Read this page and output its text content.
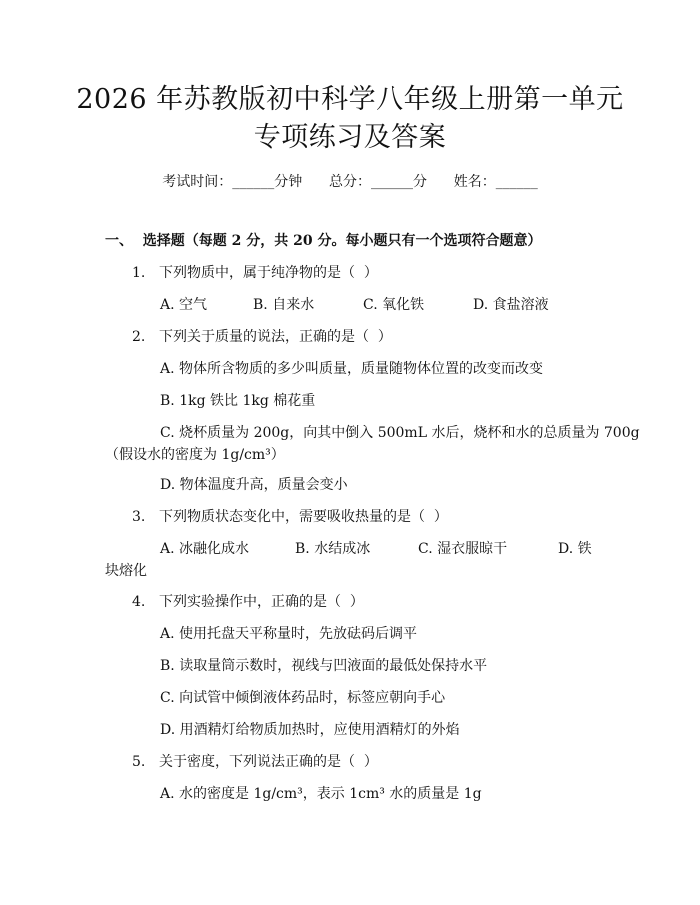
2026 年苏教版初中科学八年级上册第一单元
专项练习及答案
考试时间：______分钟 总分：______分 姓名：______
一、  选择题（每题 2 分，共 20 分。每小题只有一个选项符合题意）
1. 下列物质中，属于纯净物的是（  ）
A. 空气	B. 自来水	C. 氧化铁	D. 食盐溶液
2. 下列关于质量的说法，正确的是（  ）
A. 物体所含物质的多少叫质量，质量随物体位置的改变而改变
B. 1kg 铁比 1kg 棉花重
C. 烧杯质量为 200g，向其中倒入 500mL 水后，烧杯和水的总质量为 700g
（假设水的密度为 1g/cm³）
D. 物体温度升高，质量会变小
3. 下列物质状态变化中，需要吸收热量的是（  ）
A. 冰融化成水	B. 水结成冰	C. 湿衣服晾干	D. 铁
块熔化
4. 下列实验操作中，正确的是（  ）
A. 使用托盘天平称量时，先放砝码后调平
B. 读取量筒示数时，视线与凹液面的最低处保持水平
C. 向试管中倾倒液体药品时，标签应朝向手心
D. 用酒精灯给物质加热时，应使用酒精灯的外焰
5. 关于密度，下列说法正确的是（  ）
A. 水的密度是 1g/cm³，表示 1cm³ 水的质量是 1g
